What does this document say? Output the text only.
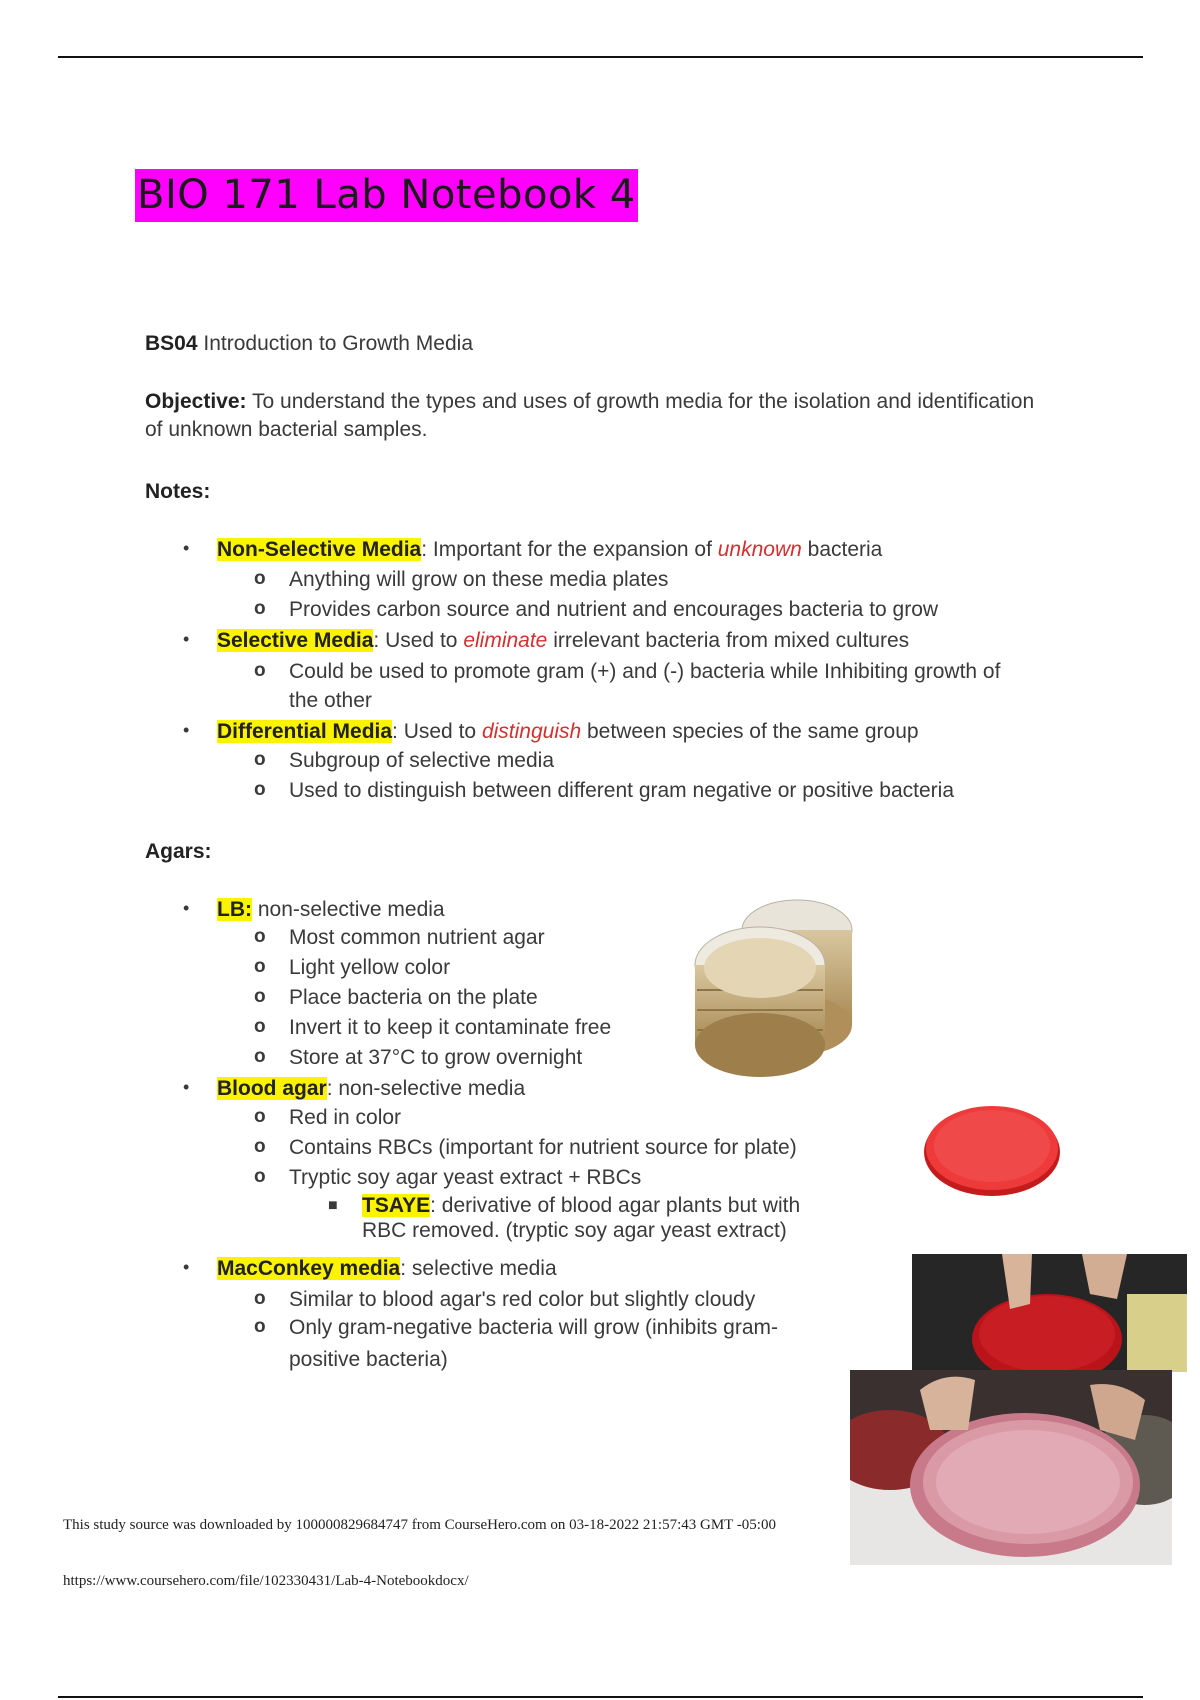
BIO 171 Lab Notebook 4
BS04 Introduction to Growth Media
Objective: To understand the types and uses of growth media for the isolation and identification
of unknown bacterial samples.
Notes:
• Non-Selective Media: Important for the expansion of unknown bacteria
o Anything will grow on these media plates
o Provides carbon source and nutrient and encourages bacteria to grow
• Selective Media: Used to eliminate irrelevant bacteria from mixed cultures
o Could be used to promote gram (+) and (-) bacteria while Inhibiting growth of
the other
• Differential Media: Used to distinguish between species of the same group
o Subgroup of selective media
o Used to distinguish between different gram negative or positive bacteria
Agars:
• LB: non-selective media
o Most common nutrient agar
o Light yellow color
o Place bacteria on the plate
o Invert it to keep it contaminate free
o Store at 37°C to grow overnight
• Blood agar: non-selective media
o Red in color
o Contains RBCs (important for nutrient source for plate)
o Tryptic soy agar yeast extract + RBCs
■ TSAYE: derivative of blood agar plants but with
RBC removed. (tryptic soy agar yeast extract)
• MacConkey media: selective media
o Similar to blood agar's red color but slightly cloudy
o Only gram-negative bacteria will grow (inhibits gram-
positive bacteria)
This study source was downloaded by 100000829684747 from CourseHero.com on 03-18-2022 21:57:43 GMT -05:00
https://www.coursehero.com/file/102330431/Lab-4-Notebookdocx/
